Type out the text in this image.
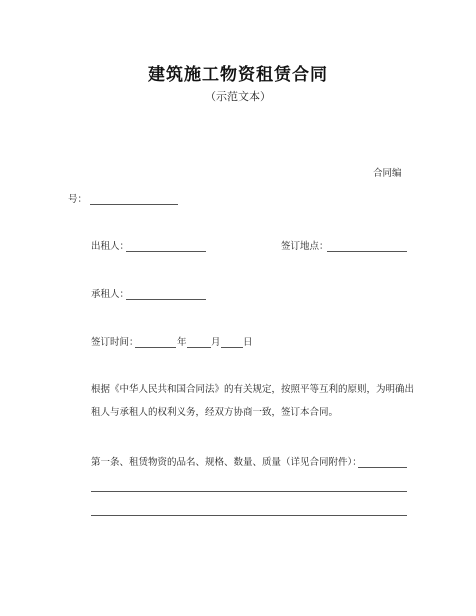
建筑施工物资租赁合同
（示范文本）
合同编
号：
出租人：	签订地点：
承租人：
签订时间：	年	月 日
根据《中华人民共和国合同法》的有关规定，按照平等互利的原则，为明确出
租人与承租人的权利义务，经双方协商一致，签订本合同。
第一条、租赁物资的品名、规格、数量、质量（详见合同附件）：
